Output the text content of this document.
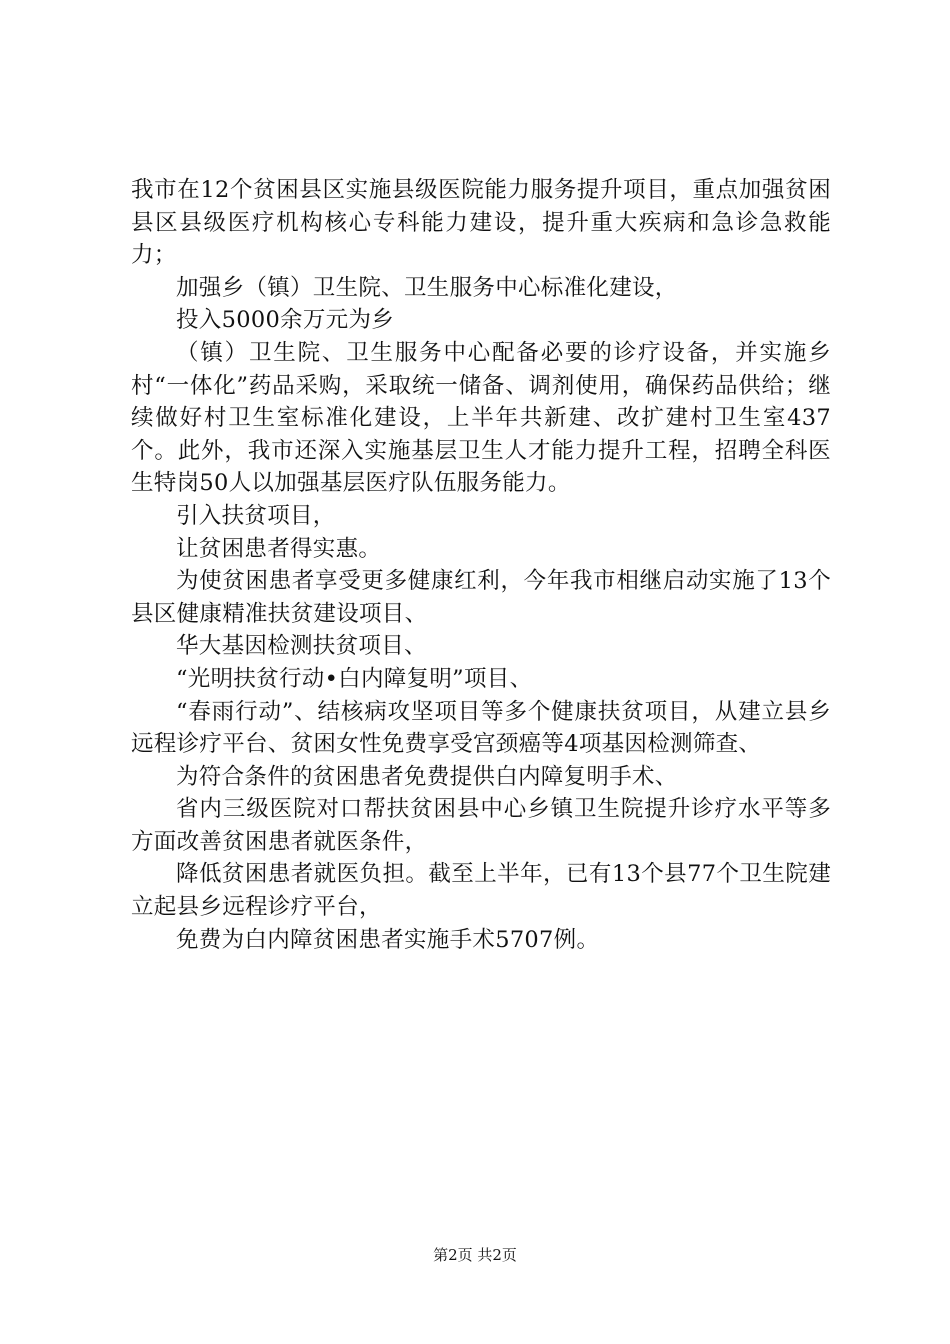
我市在12个贫困县区实施县级医院能力服务提升项目，重点加强贫困县区县级医疗机构核心专科能力建设，提升重大疾病和急诊急救能力；

加强乡（镇）卫生院、卫生服务中心标准化建设，

投入5000余万元为乡

（镇）卫生院、卫生服务中心配备必要的诊疗设备，并实施乡村“一体化”药品采购，采取统一储备、调剂使用，确保药品供给；继续做好村卫生室标准化建设，上半年共新建、改扩建村卫生室437个。此外，我市还深入实施基层卫生人才能力提升工程，招聘全科医生特岗50人以加强基层医疗队伍服务能力。

引入扶贫项目，

让贫困患者得实惠。

为使贫困患者享受更多健康红利，今年我市相继启动实施了13个县区健康精准扶贫建设项目、

华大基因检测扶贫项目、

“光明扶贫行动•白内障复明”项目、

“春雨行动”、结核病攻坚项目等多个健康扶贫项目，从建立县乡远程诊疗平台、贫困女性免费享受宫颈癌等4项基因检测筛查、

为符合条件的贫困患者免费提供白内障复明手术、

省内三级医院对口帮扶贫困县中心乡镇卫生院提升诊疗水平等多方面改善贫困患者就医条件，

降低贫困患者就医负担。截至上半年，已有13个县77个卫生院建立起县乡远程诊疗平台，

免费为白内障贫困患者实施手术5707例。

第2页 共2页
